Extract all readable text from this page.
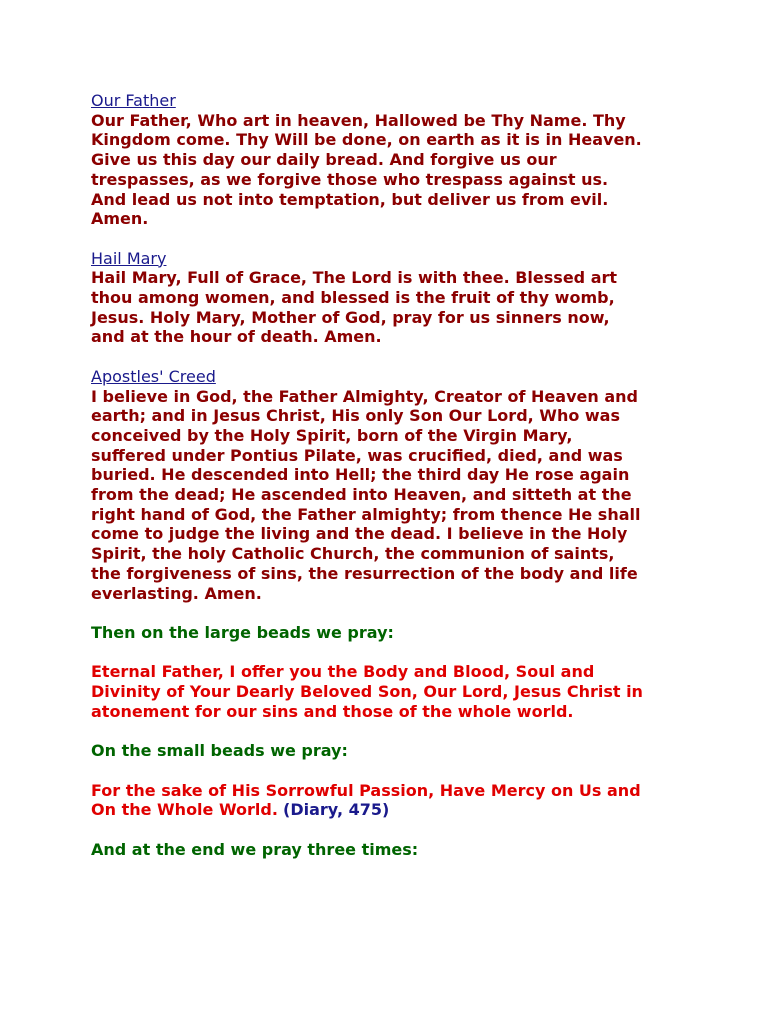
Our Father
Our Father, Who art in heaven, Hallowed be Thy Name. Thy
Kingdom come. Thy Will be done, on earth as it is in Heaven.
Give us this day our daily bread. And forgive us our
trespasses, as we forgive those who trespass against us.
And lead us not into temptation, but deliver us from evil.
Amen.
Hail Mary
Hail Mary, Full of Grace, The Lord is with thee. Blessed art
thou among women, and blessed is the fruit of thy womb,
Jesus. Holy Mary, Mother of God, pray for us sinners now,
and at the hour of death. Amen.
Apostles' Creed
I believe in God, the Father Almighty, Creator of Heaven and
earth; and in Jesus Christ, His only Son Our Lord, Who was
conceived by the Holy Spirit, born of the Virgin Mary,
suffered under Pontius Pilate, was crucified, died, and was
buried. He descended into Hell; the third day He rose again
from the dead; He ascended into Heaven, and sitteth at the
right hand of God, the Father almighty; from thence He shall
come to judge the living and the dead. I believe in the Holy
Spirit, the holy Catholic Church, the communion of saints,
the forgiveness of sins, the resurrection of the body and life
everlasting. Amen.
Then on the large beads we pray:
Eternal Father, I offer you the Body and Blood, Soul and
Divinity of Your Dearly Beloved Son, Our Lord, Jesus Christ in
atonement for our sins and those of the whole world.
On the small beads we pray:
For the sake of His Sorrowful Passion, Have Mercy on Us and
On the Whole World. (Diary, 475)
And at the end we pray three times:
